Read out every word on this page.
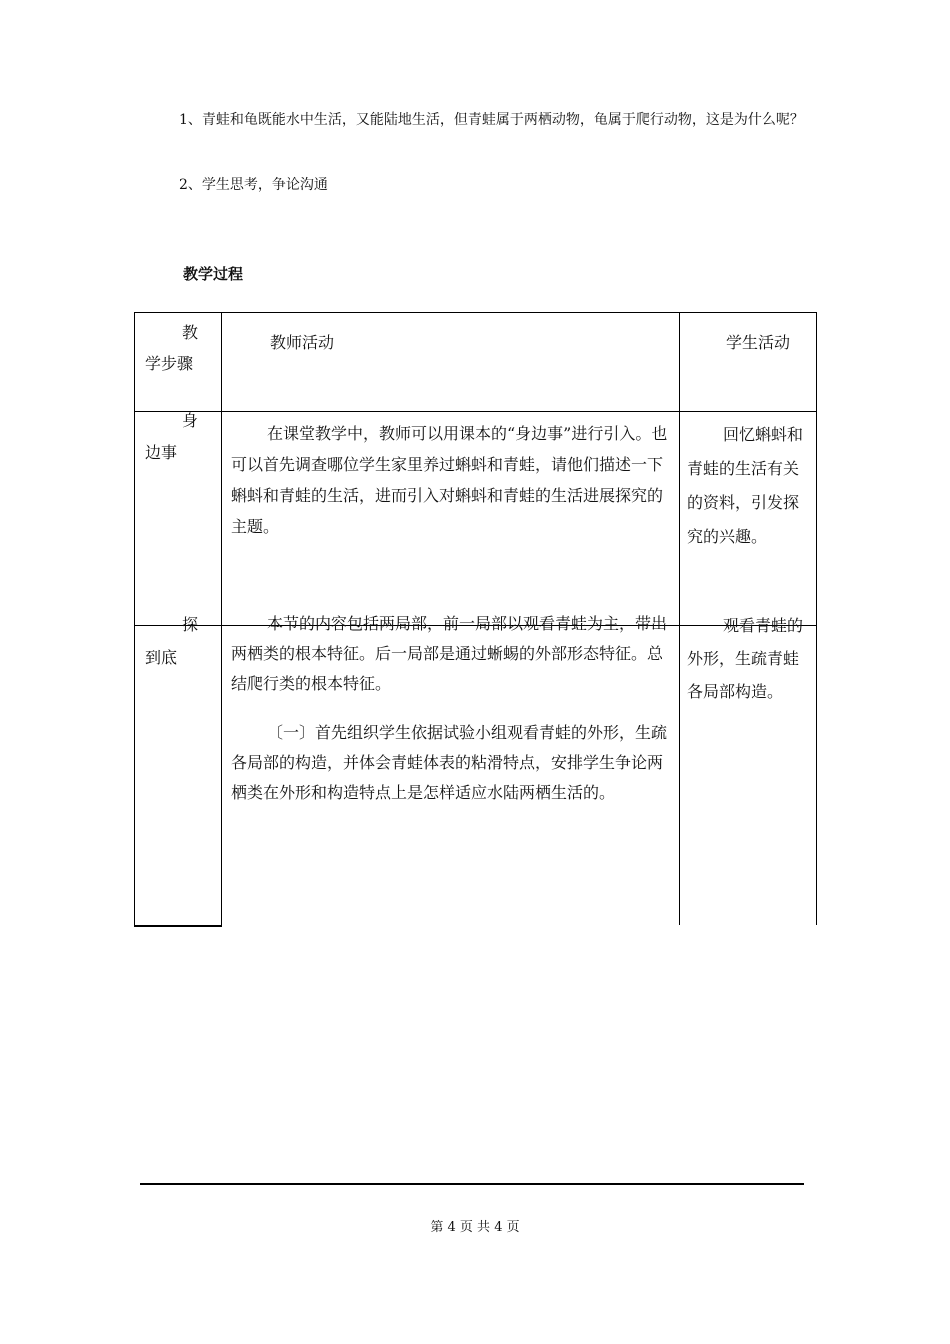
1、青蛙和龟既能水中生活，又能陆地生活，但青蛙属于两栖动物，龟属于爬行动物，这是为什么呢？

2、学生思考，争论沟通

教学过程

教

学步骤

教师活动	学生活动

身

边事

在课堂教学中，教师可以用课本的“身边事”进行引入。也可以首先调查哪位学生家里养过蝌蚪和青蛙，请他们描述一下蝌蚪和青蛙的生活，进而引入对蝌蚪和青蛙的生活进展探究的主题。

回忆蝌蚪和青蛙的生活有关的资料，引发探究的兴趣。

探

到底

本节的内容包括两局部，前一局部以观看青蛙为主，带出两栖类的根本特征。后一局部是通过蜥蜴的外部形态特征。总结爬行类的根本特征。

〔一〕首先组织学生依据试验小组观看青蛙的外形，生疏各局部的构造，并体会青蛙体表的粘滑特点，安排学生争论两栖类在外形和构造特点上是怎样适应水陆两栖生活的。

观看青蛙的外形，生疏青蛙各局部构造。

第 4 页 共 4 页
